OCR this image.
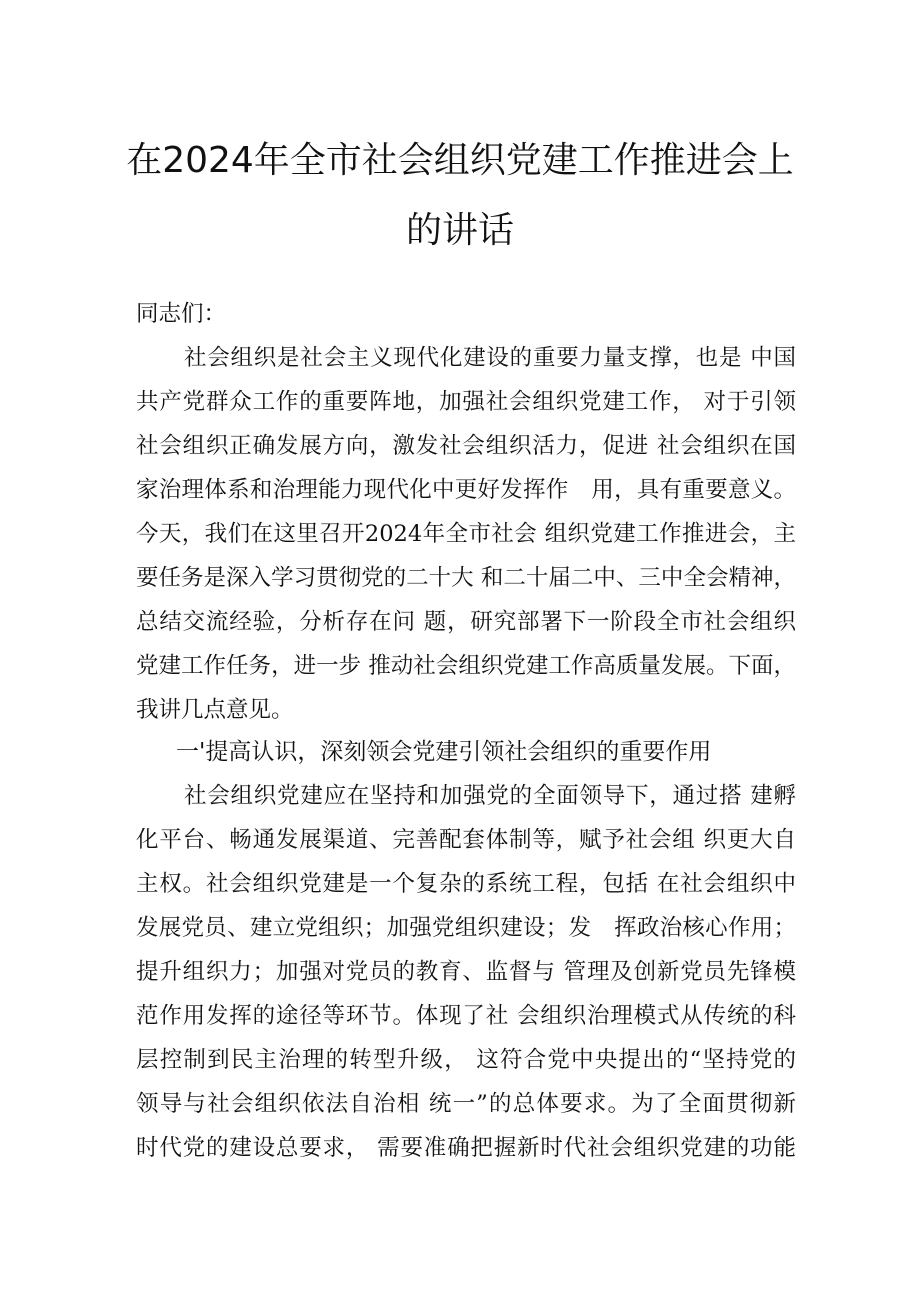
在2024年全市社会组织党建工作推进会上
的讲话
同志们：
社会组织是社会主义现代化建设的重要力量支撑，也是 中国
共产党群众工作的重要阵地，加强社会组织党建工作， 对于引领
社会组织正确发展方向，激发社会组织活力，促进 社会组织在国
家治理体系和治理能力现代化中更好发挥作　用，具有重要意义。
今天，我们在这里召开2024年全市社会 组织党建工作推进会，主
要任务是深入学习贯彻党的二十大 和二十届二中、三中全会精神，
总结交流经验，分析存在问 题，研究部署下一阶段全市社会组织
党建工作任务，进一步 推动社会组织党建工作高质量发展。下面，
我讲几点意见。
一'提高认识，深刻领会党建引领社会组织的重要作用
社会组织党建应在坚持和加强党的全面领导下，通过搭 建孵
化平台、畅通发展渠道、完善配套体制等，赋予社会组 织更大自
主权。社会组织党建是一个复杂的系统工程，包括 在社会组织中
发展党员、建立党组织；加强党组织建设；发　挥政治核心作用；
提升组织力；加强对党员的教育、监督与 管理及创新党员先锋模
范作用发挥的途径等环节。体现了社 会组织治理模式从传统的科
层控制到民主治理的转型升级， 这符合党中央提出的“坚持党的
领导与社会组织依法自治相 统一”的总体要求。为了全面贯彻新
时代党的建设总要求， 需要准确把握新时代社会组织党建的功能
